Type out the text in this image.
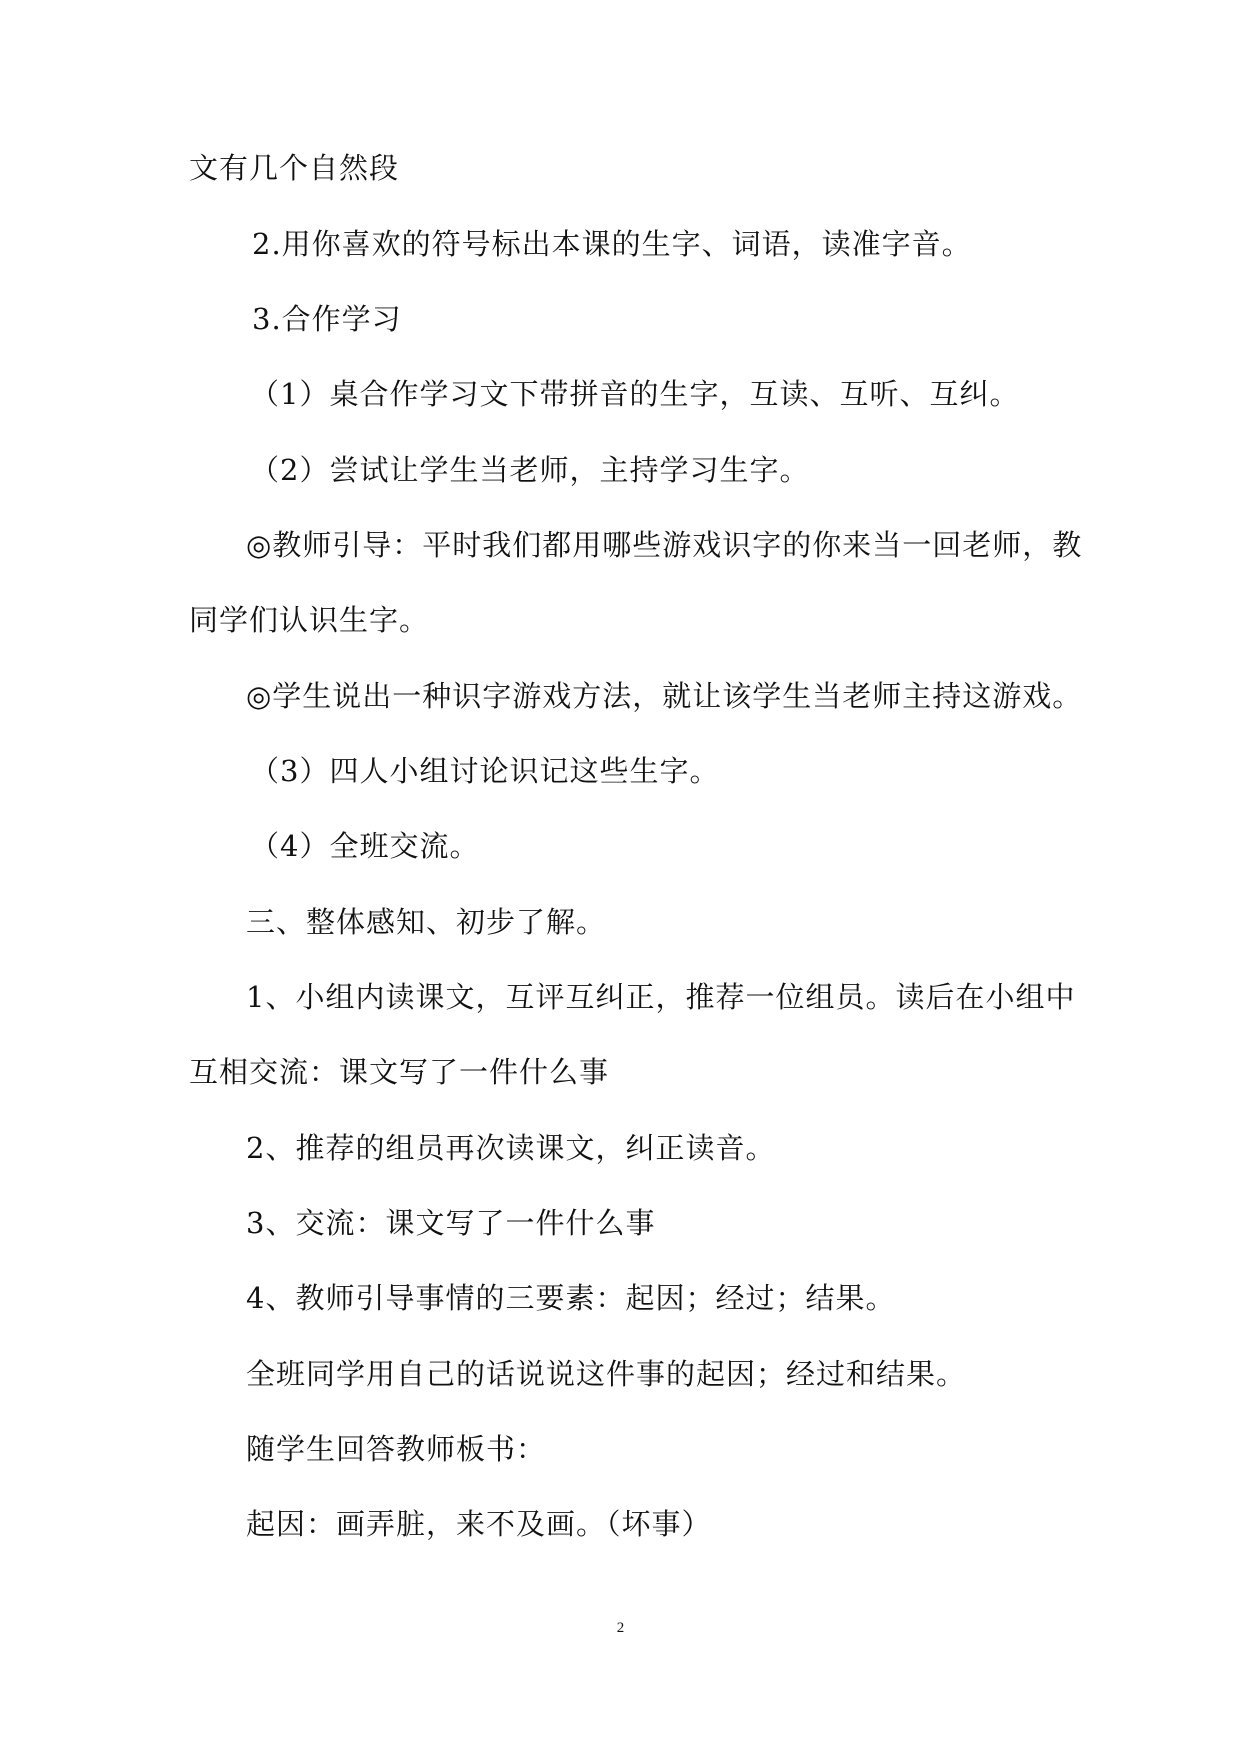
文有几个自然段
2.用你喜欢的符号标出本课的生字、词语，读准字音。
3.合作学习
（1）桌合作学习文下带拼音的生字，互读、互听、互纠。
（2）尝试让学生当老师，主持学习生字。
◎教师引导：平时我们都用哪些游戏识字的你来当一回老师，教
同学们认识生字。
◎学生说出一种识字游戏方法，就让该学生当老师主持这游戏。
（3）四人小组讨论识记这些生字。
（4）全班交流。
三、整体感知、初步了解。
1、小组内读课文，互评互纠正，推荐一位组员。读后在小组中
互相交流：课文写了一件什么事
2、推荐的组员再次读课文，纠正读音。
3、交流：课文写了一件什么事
4、教师引导事情的三要素：起因；经过；结果。
全班同学用自己的话说说这件事的起因；经过和结果。
随学生回答教师板书：
起因：画弄脏，来不及画。（坏事）
2
